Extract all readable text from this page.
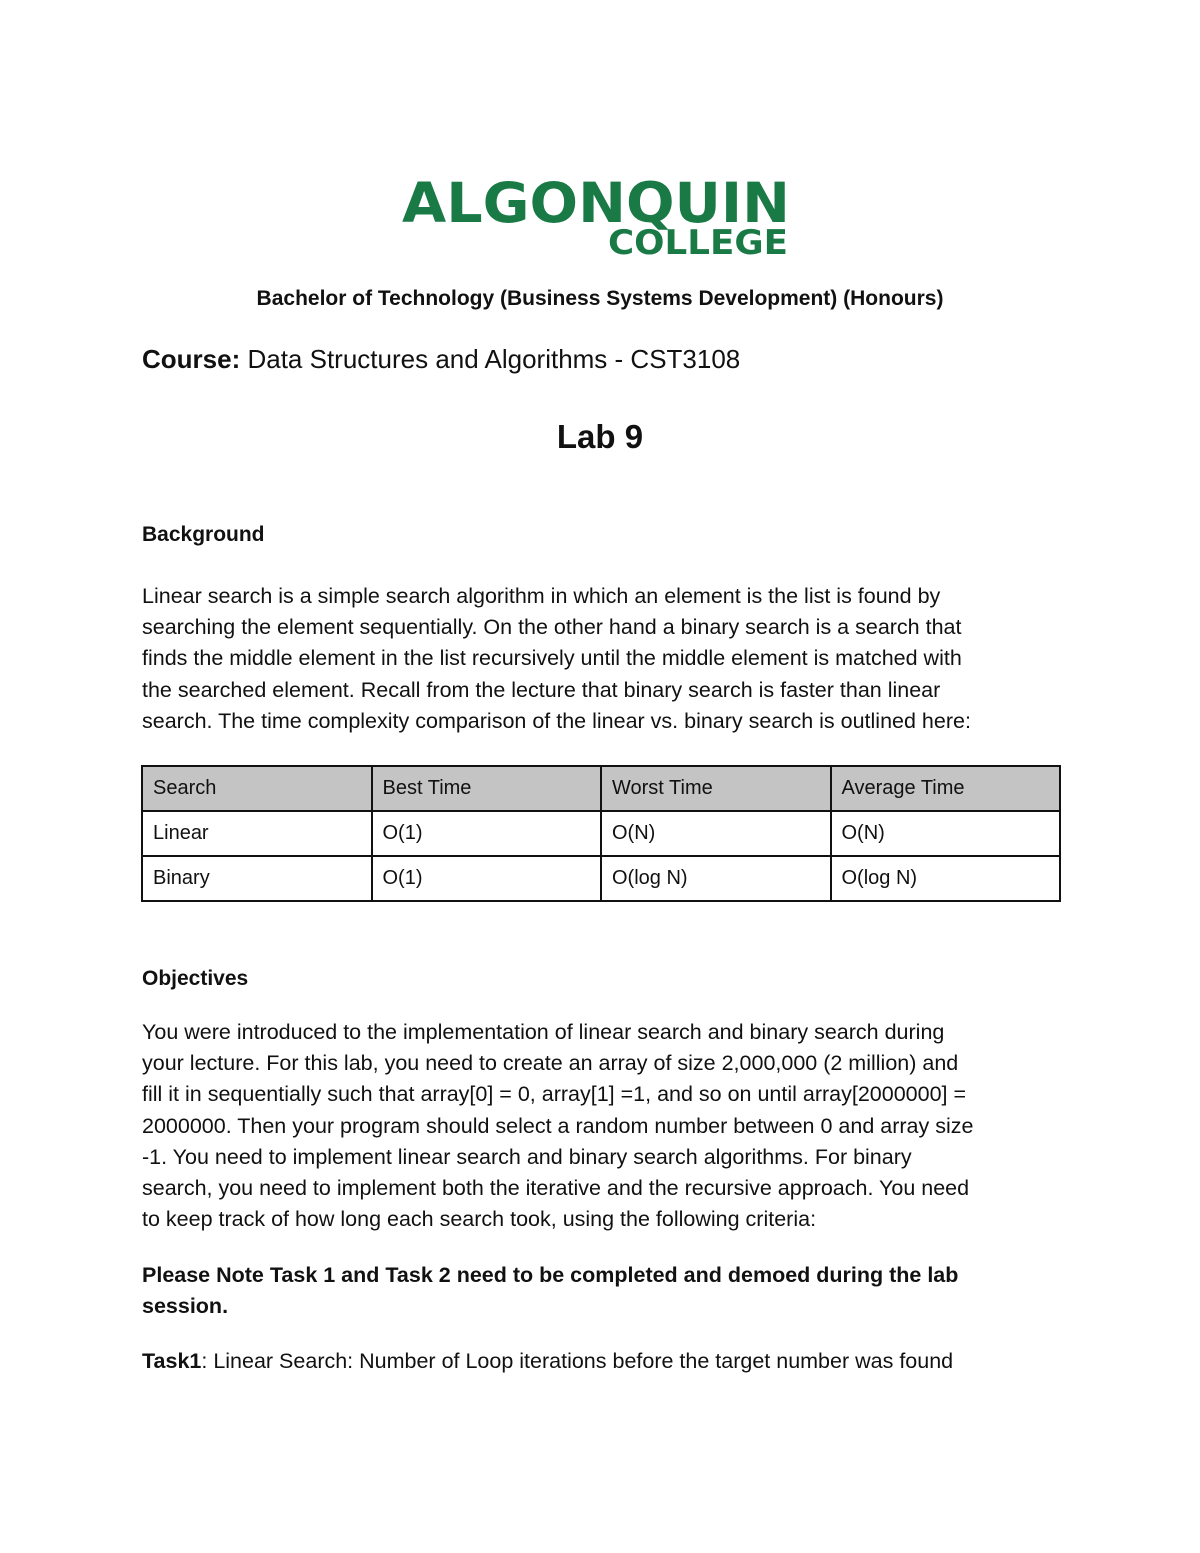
ALGONQUIN
COLLEGE
Bachelor of Technology (Business Systems Development) (Honours)
Course: Data Structures and Algorithms - CST3108
Lab 9
Background
Linear search is a simple search algorithm in which an element is the list is found by
searching the element sequentially. On the other hand a binary search is a search that
finds the middle element in the list recursively until the middle element is matched with
the searched element. Recall from the lecture that binary search is faster than linear
search. The time complexity comparison of the linear vs. binary search is outlined here:
Search	Best Time	Worst Time	Average Time
Linear	O(1)	O(N)	O(N)
Binary	O(1)	O(log N)	O(log N)
Objectives
You were introduced to the implementation of linear search and binary search during
your lecture. For this lab, you need to create an array of size 2,000,000 (2 million) and
fill it in sequentially such that array[0] = 0, array[1] =1, and so on until array[2000000] =
2000000. Then your program should select a random number between 0 and array size
-1. You need to implement linear search and binary search algorithms. For binary
search, you need to implement both the iterative and the recursive approach. You need
to keep track of how long each search took, using the following criteria:
Please Note Task 1 and Task 2 need to be completed and demoed during the lab
session.
Task1: Linear Search: Number of Loop iterations before the target number was found
